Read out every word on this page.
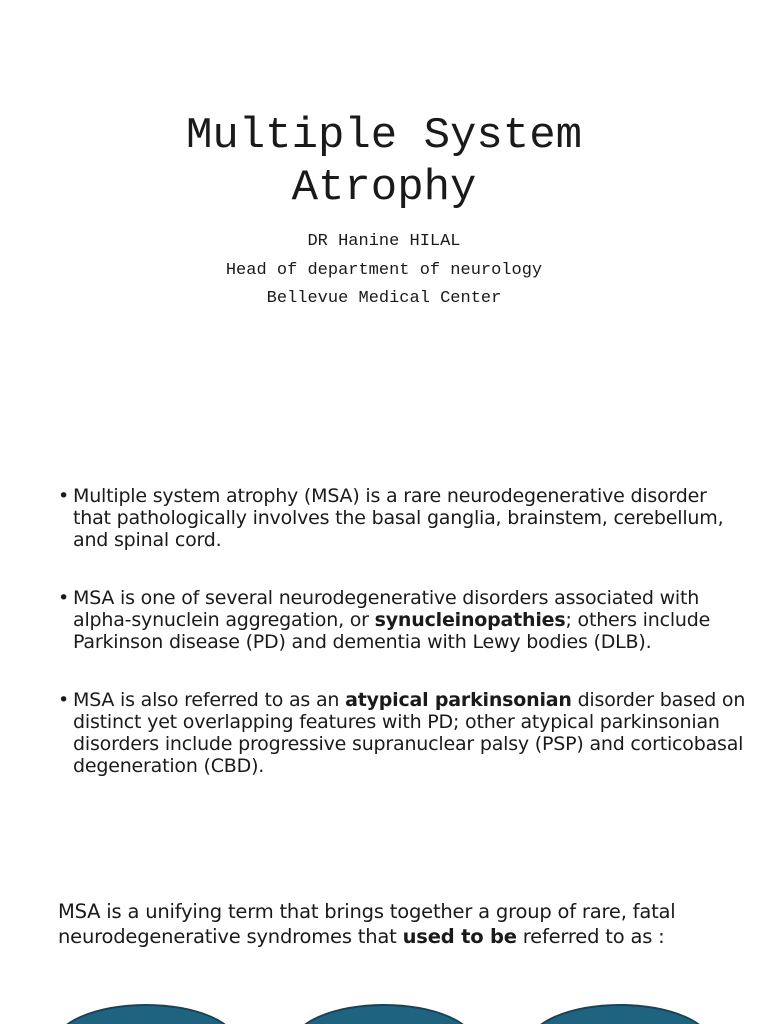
Multiple System
Atrophy
DR Hanine HILAL
Head of department of neurology
Bellevue Medical Center
• Multiple system atrophy (MSA) is a rare neurodegenerative disorder that pathologically involves the basal ganglia, brainstem, cerebellum, and spinal cord.
• MSA is one of several neurodegenerative disorders associated with alpha-synuclein aggregation, or synucleinopathies; others include Parkinson disease (PD) and dementia with Lewy bodies (DLB).
• MSA is also referred to as an atypical parkinsonian disorder based on distinct yet overlapping features with PD; other atypical parkinsonian disorders include progressive supranuclear palsy (PSP) and corticobasal degeneration (CBD).

MSA is a unifying term that brings together a group of rare, fatal neurodegenerative syndromes that used to be referred to as :
